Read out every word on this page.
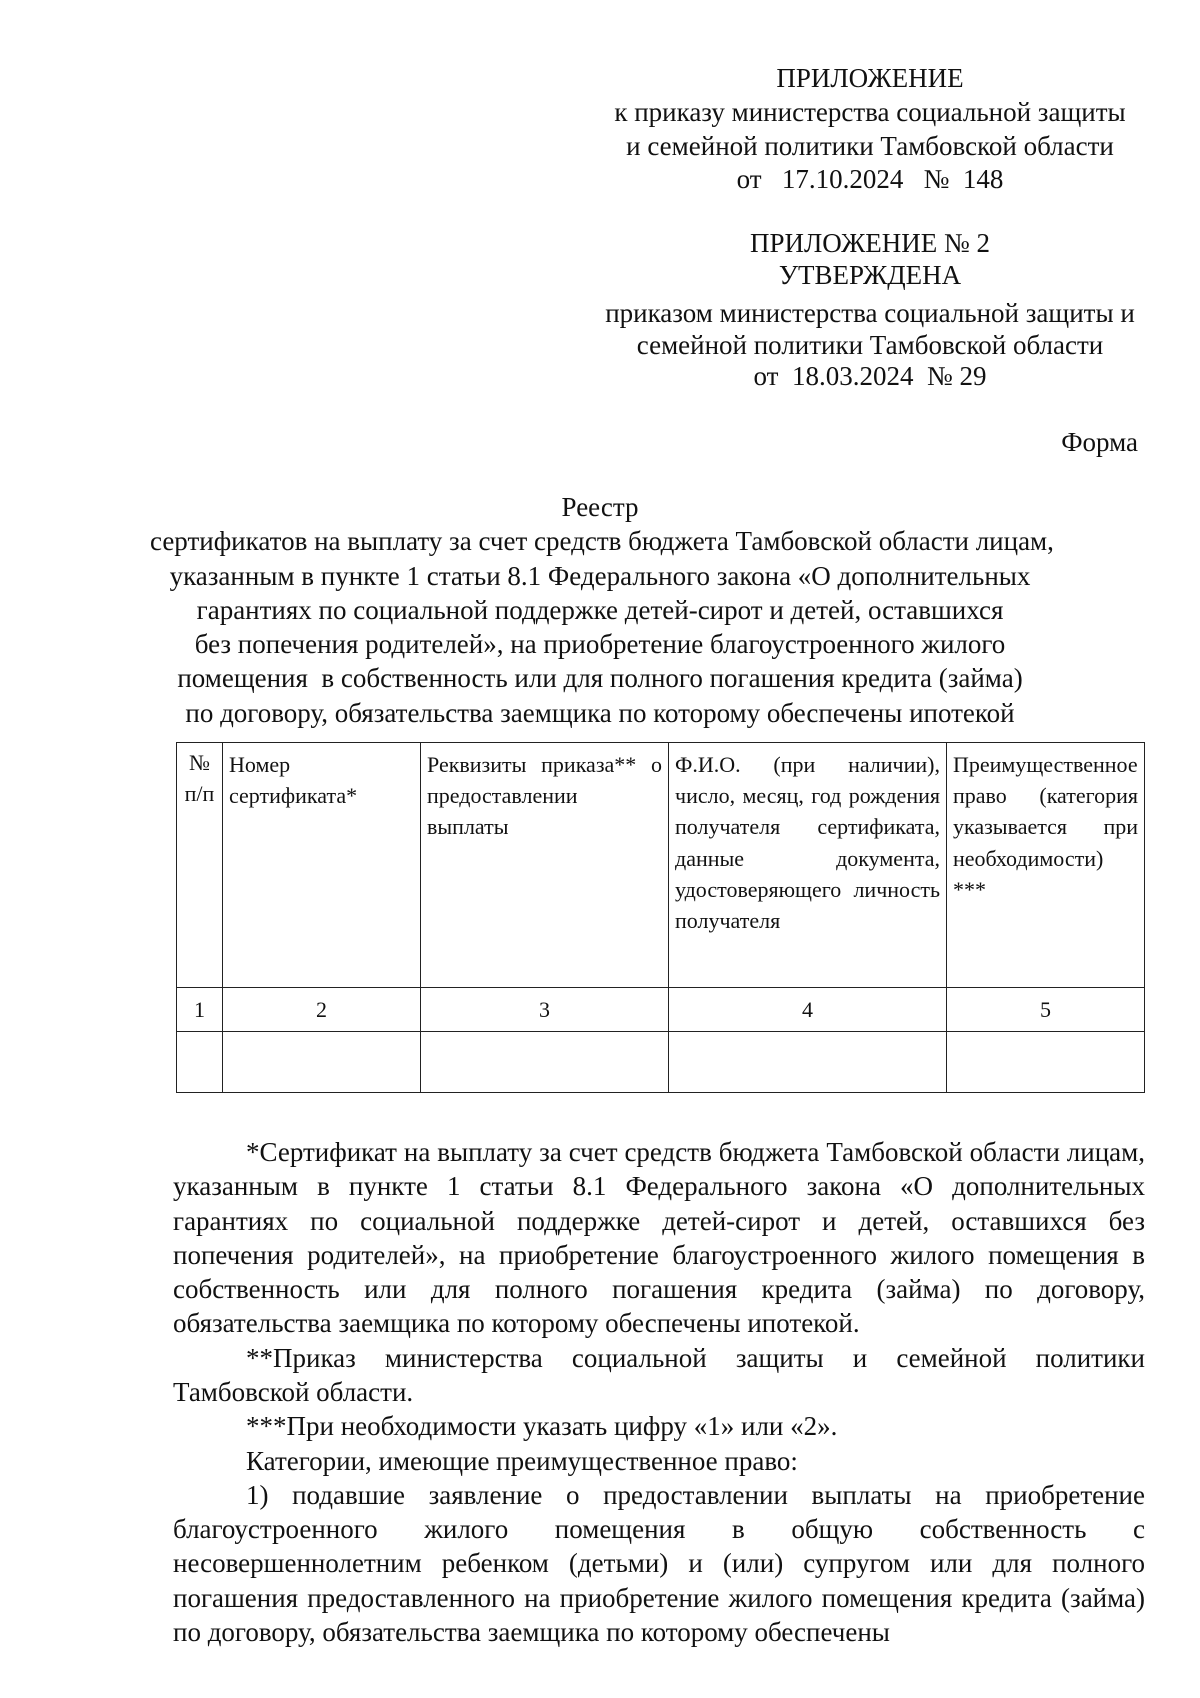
ПРИЛОЖЕНИЕ
к приказу министерства социальной защиты
и семейной политики Тамбовской области
от   17.10.2024   №  148
ПРИЛОЖЕНИЕ № 2
УТВЕРЖДЕНА
приказом министерства социальной защиты и
семейной политики Тамбовской области
от  18.03.2024  № 29
Форма
Реестр
сертификатов на выплату за счет средств бюджета Тамбовской области лицам,
указанным в пункте 1 статьи 8.1 Федерального закона «О дополнительных
гарантиях по социальной поддержке детей-сирот и детей, оставшихся
без попечения родителей», на приобретение благоустроенного жилого
помещения  в собственность или для полного погашения кредита (займа)
по договору, обязательства заемщика по которому обеспечены ипотекой
№ п/п	Номер сертификата*	Реквизиты приказа** о предоставлении выплаты	Ф.И.О. (при наличии), число, месяц, год рождения получателя сертификата, данные документа, удостоверяющего личность получателя	Преимущественное право (категория указывается при необходимости) ***
1	2	3	4	5

*Сертификат на выплату за счет средств бюджета Тамбовской области лицам, указанным в пункте 1 статьи 8.1 Федерального закона «О дополнительных гарантиях по социальной поддержке детей-сирот и детей, оставшихся без попечения родителей», на приобретение благоустроенного жилого помещения в собственность или для полного погашения кредита (займа) по договору, обязательства заемщика по которому обеспечены ипотекой.

**Приказ министерства социальной защиты и семейной политики Тамбовской области.

***При необходимости указать цифру «1» или «2».

Категории, имеющие преимущественное право:

1) подавшие заявление о предоставлении выплаты на приобретение благоустроенного жилого помещения в общую собственность с несовершеннолетним ребенком (детьми) и (или) супругом или для полного погашения предоставленного на приобретение жилого помещения кредита (займа) по договору, обязательства заемщика по которому обеспечены
